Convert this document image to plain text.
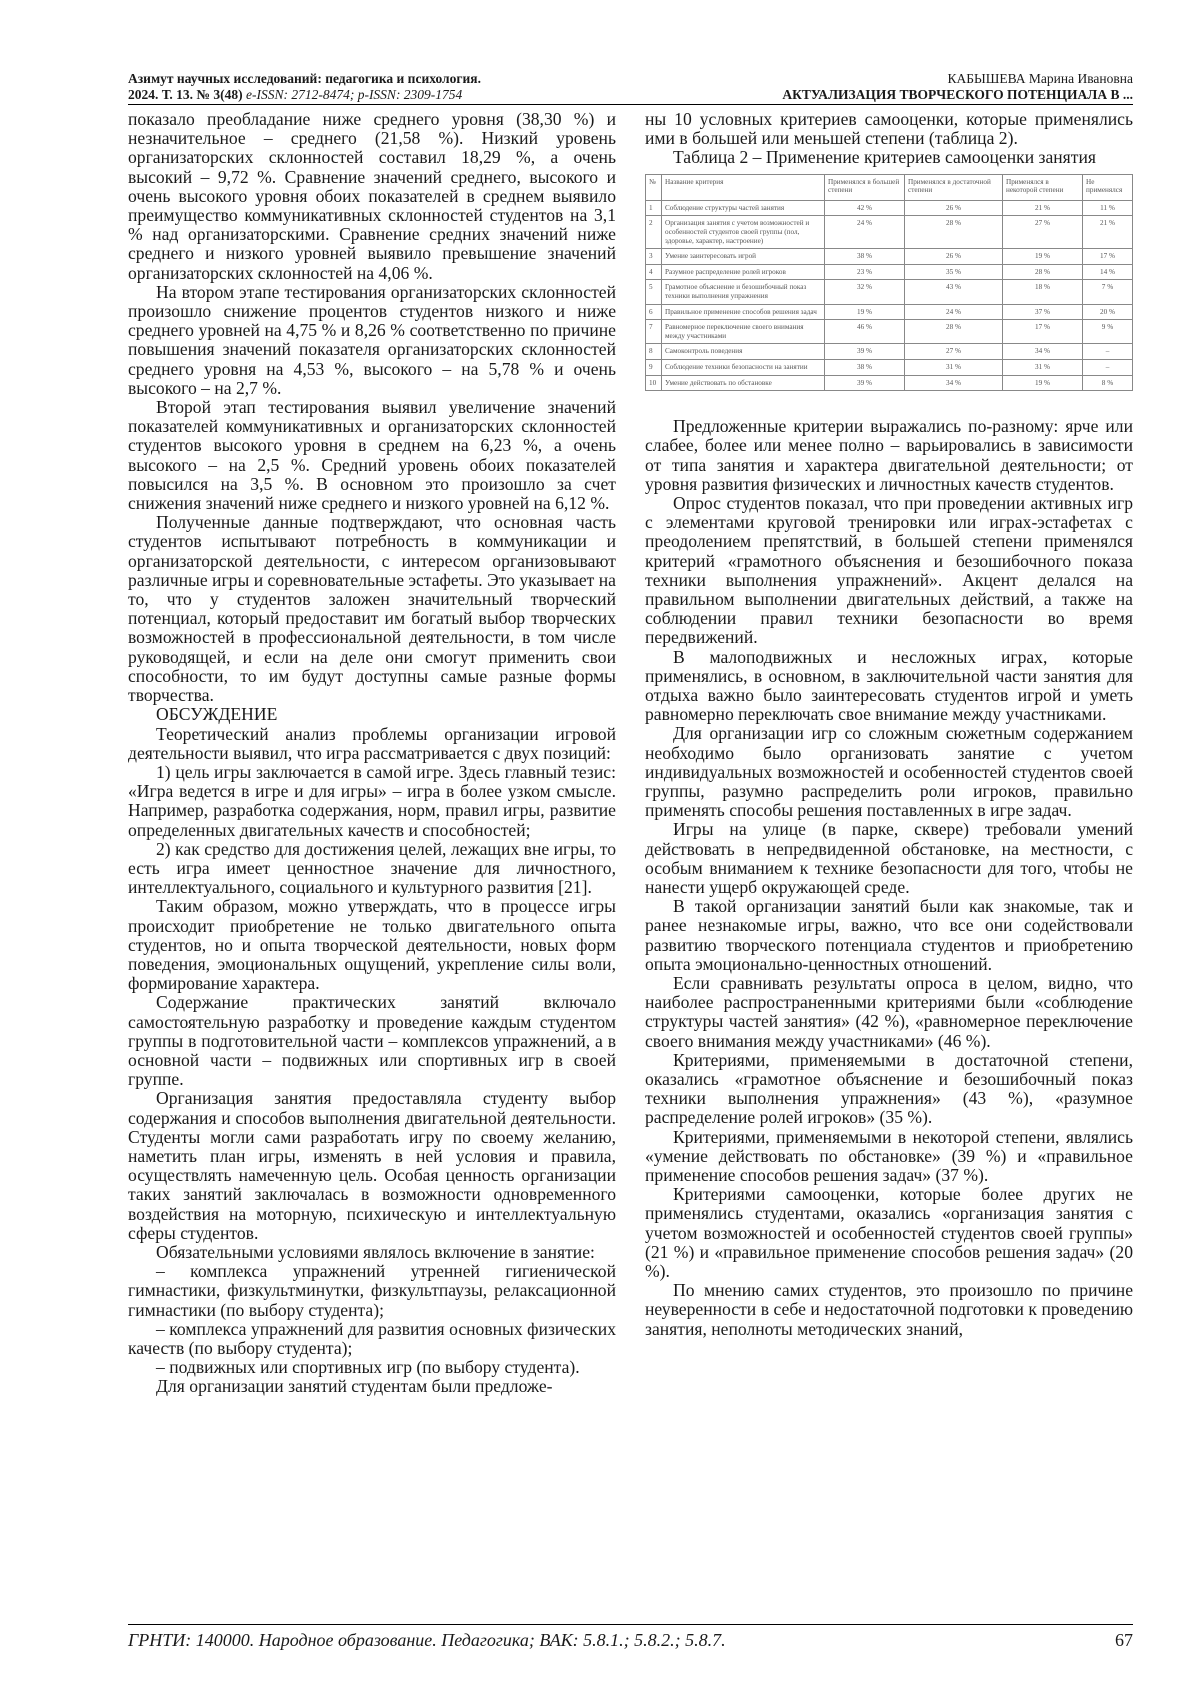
Азимут научных исследований: педагогика и психология.
2024. Т. 13. № 3(48) e-ISSN: 2712-8474; p-ISSN: 2309-1754
КАБЫШЕВА Марина Ивановна
АКТУАЛИЗАЦИЯ ТВОРЧЕСКОГО ПОТЕНЦИАЛА В ...

показало преобладание ниже среднего уровня (38,30 %) и незначительное – среднего (21,58 %). Низкий уровень организаторских склонностей составил 18,29 %, а очень высокий – 9,72 %. Сравнение значений среднего, высокого и очень высокого уровня обоих показателей в среднем выявило преимущество коммуникативных склонностей студентов на 3,1 % над организаторскими. Сравнение средних значений ниже среднего и низкого уровней выявило превышение значений организаторских склонностей на 4,06 %.

На втором этапе тестирования организаторских склонностей произошло снижение процентов студентов низкого и ниже среднего уровней на 4,75 % и 8,26 % соответственно по причине повышения значений показателя организаторских склонностей среднего уровня на 4,53 %, высокого – на 5,78 % и очень высокого – на 2,7 %.

Второй этап тестирования выявил увеличение значений показателей коммуникативных и организаторских склонностей студентов высокого уровня в среднем на 6,23 %, а очень высокого – на 2,5 %. Средний уровень обоих показателей повысился на 3,5 %. В основном это произошло за счет снижения значений ниже среднего и низкого уровней на 6,12 %.

Полученные данные подтверждают, что основная часть студентов испытывают потребность в коммуникации и организаторской деятельности, с интересом организовывают различные игры и соревновательные эстафеты. Это указывает на то, что у студентов заложен значительный творческий потенциал, который предоставит им богатый выбор творческих возможностей в профессиональной деятельности, в том числе руководящей, и если на деле они смогут применить свои способности, то им будут доступны самые разные формы творчества.

ОБСУЖДЕНИЕ

Теоретический анализ проблемы организации игровой деятельности выявил, что игра рассматривается с двух позиций:

1) цель игры заключается в самой игре. Здесь главный тезис: «Игра ведется в игре и для игры» – игра в более узком смысле. Например, разработка содержания, норм, правил игры, развитие определенных двигательных качеств и способностей;

2) как средство для достижения целей, лежащих вне игры, то есть игра имеет ценностное значение для личностного, интеллектуального, социального и культурного развития [21].

Таким образом, можно утверждать, что в процессе игры происходит приобретение не только двигательного опыта студентов, но и опыта творческой деятельности, новых форм поведения, эмоциональных ощущений, укрепление силы воли, формирование характера.

Содержание практических занятий включало самостоятельную разработку и проведение каждым студентом группы в подготовительной части – комплексов упражнений, а в основной части – подвижных или спортивных игр в своей группе.

Организация занятия предоставляла студенту выбор содержания и способов выполнения двигательной деятельности. Студенты могли сами разработать игру по своему желанию, наметить план игры, изменять в ней условия и правила, осуществлять намеченную цель. Особая ценность организации таких занятий заключалась в возможности одновременного воздействия на моторную, психическую и интеллектуальную сферы студентов.

Обязательными условиями являлось включение в занятие:

– комплекса упражнений утренней гигиенической гимнастики, физкультминутки, физкультпаузы, релаксационной гимнастики (по выбору студента);

– комплекса упражнений для развития основных физических качеств (по выбору студента);

– подвижных или спортивных игр (по выбору студента).

Для организации занятий студентам были предложе-

ны 10 условных критериев самооценки, которые применялись ими в большей или меньшей степени (таблица 2).

Таблица 2 – Применение критериев самооценки занятия

№	Название критерия	Применялся в большей степени	Применялся в достаточной степени	Применялся в некоторой степени	Не применялся
1	Соблюдение структуры частей занятия	42 %	26 %	21 %	11 %
2	Организация занятия с учетом возможностей и особенностей студентов своей группы (пол, здоровье, характер, настроение)	24 %	28 %	27 %	21 %
3	Умение заинтересовать игрой	38 %	26 %	19 %	17 %
4	Разумное распределение ролей игроков	23 %	35 %	28 %	14 %
5	Грамотное объяснение и безошибочный показ техники выполнения упражнения	32 %	43 %	18 %	7 %
6	Правильное применение способов решения задач	19 %	24 %	37 %	20 %
7	Равномерное переключение своего внимания между участниками	46 %	28 %	17 %	9 %
8	Самоконтроль поведения	39 %	27 %	34 %	–
9	Соблюдение техники безопасности на занятии	38 %	31 %	31 %	–
10	Умение действовать по обстановке	39 %	34 %	19 %	8 %

Предложенные критерии выражались по-разному: ярче или слабее, более или менее полно – варьировались в зависимости от типа занятия и характера двигательной деятельности; от уровня развития физических и личностных качеств студентов.

Опрос студентов показал, что при проведении активных игр с элементами круговой тренировки или играх-эстафетах с преодолением препятствий, в большей степени применялся критерий «грамотного объяснения и безошибочного показа техники выполнения упражнений». Акцент делался на правильном выполнении двигательных действий, а также на соблюдении правил техники безопасности во время передвижений.

В малоподвижных и несложных играх, которые применялись, в основном, в заключительной части занятия для отдыха важно было заинтересовать студентов игрой и уметь равномерно переключать свое внимание между участниками.

Для организации игр со сложным сюжетным содержанием необходимо было организовать занятие с учетом индивидуальных возможностей и особенностей студентов своей группы, разумно распределить роли игроков, правильно применять способы решения поставленных в игре задач.

Игры на улице (в парке, сквере) требовали умений действовать в непредвиденной обстановке, на местности, с особым вниманием к технике безопасности для того, чтобы не нанести ущерб окружающей среде.

В такой организации занятий были как знакомые, так и ранее незнакомые игры, важно, что все они содействовали развитию творческого потенциала студентов и приобретению опыта эмоционально-ценностных отношений.

Если сравнивать результаты опроса в целом, видно, что наиболее распространенными критериями были «соблюдение структуры частей занятия» (42 %), «равномерное переключение своего внимания между участниками» (46 %).

Критериями, применяемыми в достаточной степени, оказались «грамотное объяснение и безошибочный показ техники выполнения упражнения» (43 %), «разумное распределение ролей игроков» (35 %).

Критериями, применяемыми в некоторой степени, являлись «умение действовать по обстановке» (39 %) и «правильное применение способов решения задач» (37 %).

Критериями самооценки, которые более других не применялись студентами, оказались «организация занятия с учетом возможностей и особенностей студентов своей группы» (21 %) и «правильное применение способов решения задач» (20 %).

По мнению самих студентов, это произошло по причине неуверенности в себе и недостаточной подготовки к проведению занятия, неполноты методических знаний,

ГРНТИ: 140000. Народное образование. Педагогика; ВАК: 5.8.1.; 5.8.2.; 5.8.7.	67
